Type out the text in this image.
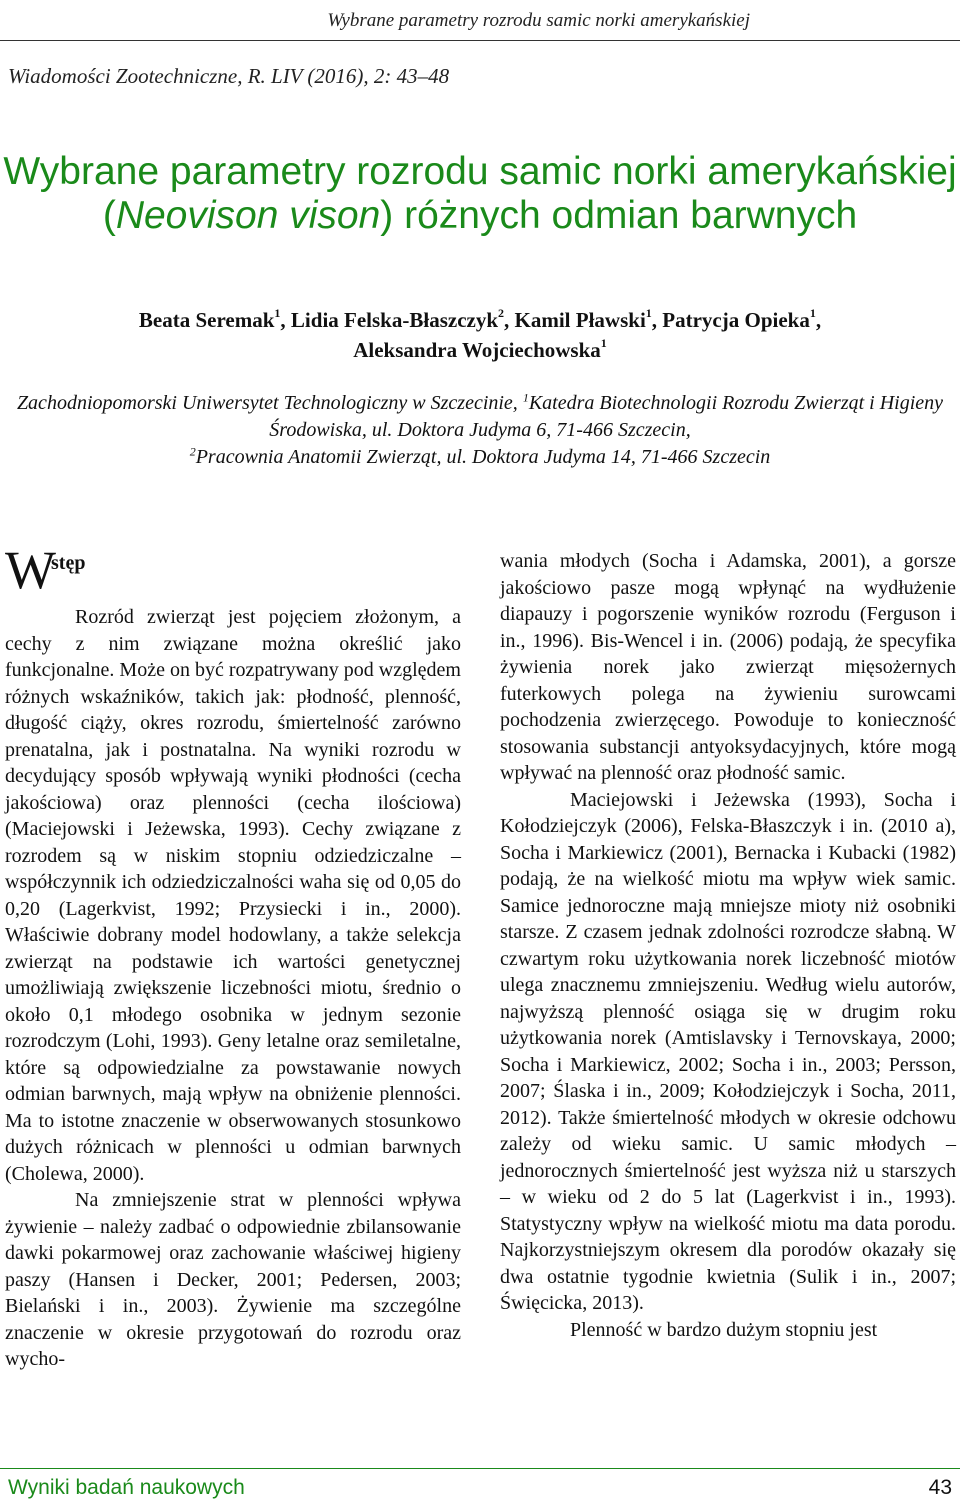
Wybrane parametry rozrodu samic norki amerykańskiej
Wiadomości Zootechniczne, R. LIV (2016), 2: 43–48
Wybrane parametry rozrodu samic norki amerykańskiej (Neovison vison) różnych odmian barwnych
Beata Seremak$^1$, Lidia Felska-Błaszczyk$^2$, Kamil Pławski$^1$, Patrycja Opieka$^1$,
Aleksandra Wojciechowska$^1$
Zachodniopomorski Uniwersytet Technologiczny w Szczecinie, $^1$Katedra Biotechnologii Rozrodu Zwierząt i Higieny Środowiska, ul. Doktora Judyma 6, 71-466 Szczecin,
$^2$Pracownia Anatomii Zwierząt, ul. Doktora Judyma 14, 71-466 Szczecin
W
stęp

Rozród zwierząt jest pojęciem złożonym, a cechy z nim związane można określić jako funkcjonalne. Może on być rozpatrywany pod względem różnych wskaźników, takich jak: płodność, plenność, długość ciąży, okres rozrodu, śmiertelność zarówno prenatalna, jak i postnatalna. Na wyniki rozrodu w decydujący sposób wpływają wyniki płodności (cecha jakościowa) oraz plenności (cecha ilościowa) (Maciejowski i Jeżewska, 1993). Cechy związane z rozrodem są w niskim stopniu odziedziczalne – współczynnik ich odziedziczalności waha się od 0,05 do 0,20 (Lagerkvist, 1992; Przysiecki i in., 2000). Właściwie dobrany model hodowlany, a także selekcja zwierząt na podstawie ich wartości genetycznej umożliwiają zwiększenie liczebności miotu, średnio o około 0,1 młodego osobnika w jednym sezonie rozrodczym (Lohi, 1993). Geny letalne oraz semiletalne, które są odpowiedzialne za powstawanie nowych odmian barwnych, mają wpływ na obniżenie plenności. Ma to istotne znaczenie w obserwowanych stosunkowo dużych różnicach w plenności u odmian barwnych (Cholewa, 2000).

Na zmniejszenie strat w plenności wpływa żywienie – należy zadbać o odpowiednie zbilansowanie dawki pokarmowej oraz zachowanie właściwej higieny paszy (Hansen i Decker, 2001; Pedersen, 2003; Bielański i in., 2003). Żywienie ma szczególne znaczenie w okresie przygotowań do rozrodu oraz wycho-

wania młodych (Socha i Adamska, 2001), a gorsze jakościowo pasze mogą wpłynąć na wydłużenie diapauzy i pogorszenie wyników rozrodu (Ferguson i in., 1996). Bis-Wencel i in. (2006) podają, że specyfika żywienia norek jako zwierząt mięsożernych futerkowych polega na żywieniu surowcami pochodzenia zwierzęcego. Powoduje to konieczność stosowania substancji antyoksydacyjnych, które mogą wpływać na plenność oraz płodność samic.

Maciejowski i Jeżewska (1993), Socha i Kołodziejczyk (2006), Felska-Błaszczyk i in. (2010 a), Socha i Markiewicz (2001), Bernacka i Kubacki (1982) podają, że na wielkość miotu ma wpływ wiek samic. Samice jednoroczne mają mniejsze mioty niż osobniki starsze. Z czasem jednak zdolności rozrodcze słabną. W czwartym roku użytkowania norek liczebność miotów ulega znacznemu zmniejszeniu. Według wielu autorów, najwyższą plenność osiąga się w drugim roku użytkowania norek (Amtislavsky i Ternovskaya, 2000; Socha i Markiewicz, 2002; Socha i in., 2003; Persson, 2007; Ślaska i in., 2009; Kołodziejczyk i Socha, 2011, 2012). Także śmiertelność młodych w okresie odchowu zależy od wieku samic. U samic młodych – jednorocznych śmiertelność jest wyższa niż u starszych – w wieku od 2 do 5 lat (Lagerkvist i in., 1993). Statystyczny wpływ na wielkość miotu ma data porodu. Najkorzystniejszym okresem dla porodów okazały się dwa ostatnie tygodnie kwietnia (Sulik i in., 2007; Święcicka, 2013).

Plenność w bardzo dużym stopniu jest

Wyniki badań naukowych	43
